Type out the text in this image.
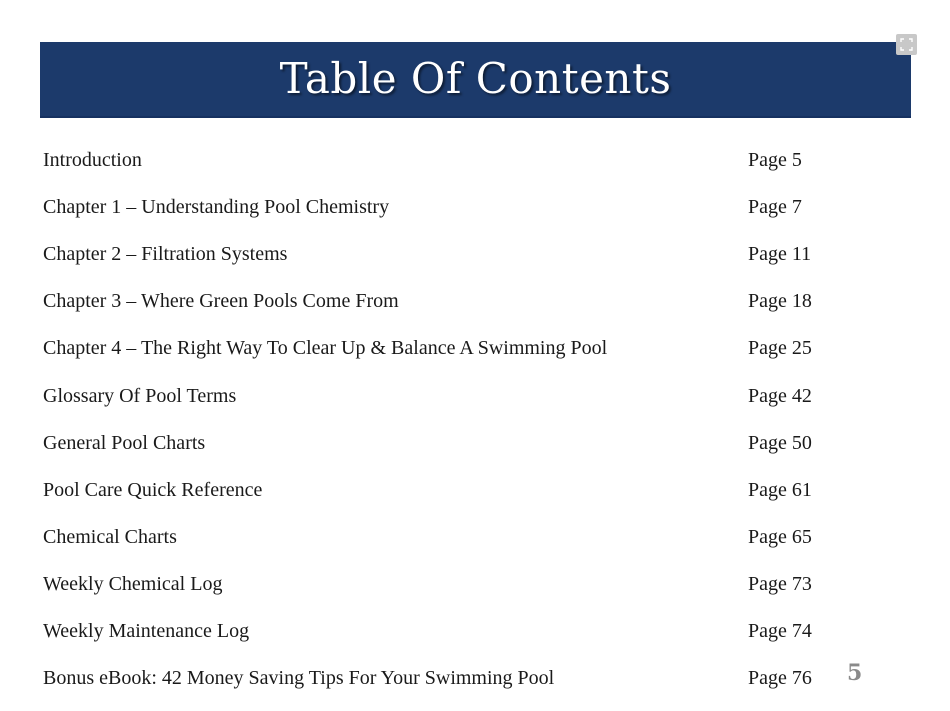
Table Of Contents
Introduction	Page 5
Chapter 1 – Understanding Pool Chemistry	Page 7
Chapter 2 – Filtration Systems	Page 11
Chapter 3 – Where Green Pools Come From	Page 18
Chapter 4 – The Right Way To Clear Up & Balance A Swimming Pool	Page 25
Glossary Of Pool Terms	Page 42
General Pool Charts	Page 50
Pool Care Quick Reference	Page 61
Chemical Charts	Page 65
Weekly Chemical Log	Page 73
Weekly Maintenance Log	Page 74
Bonus eBook: 42 Money Saving Tips For Your Swimming Pool	Page 76 5
